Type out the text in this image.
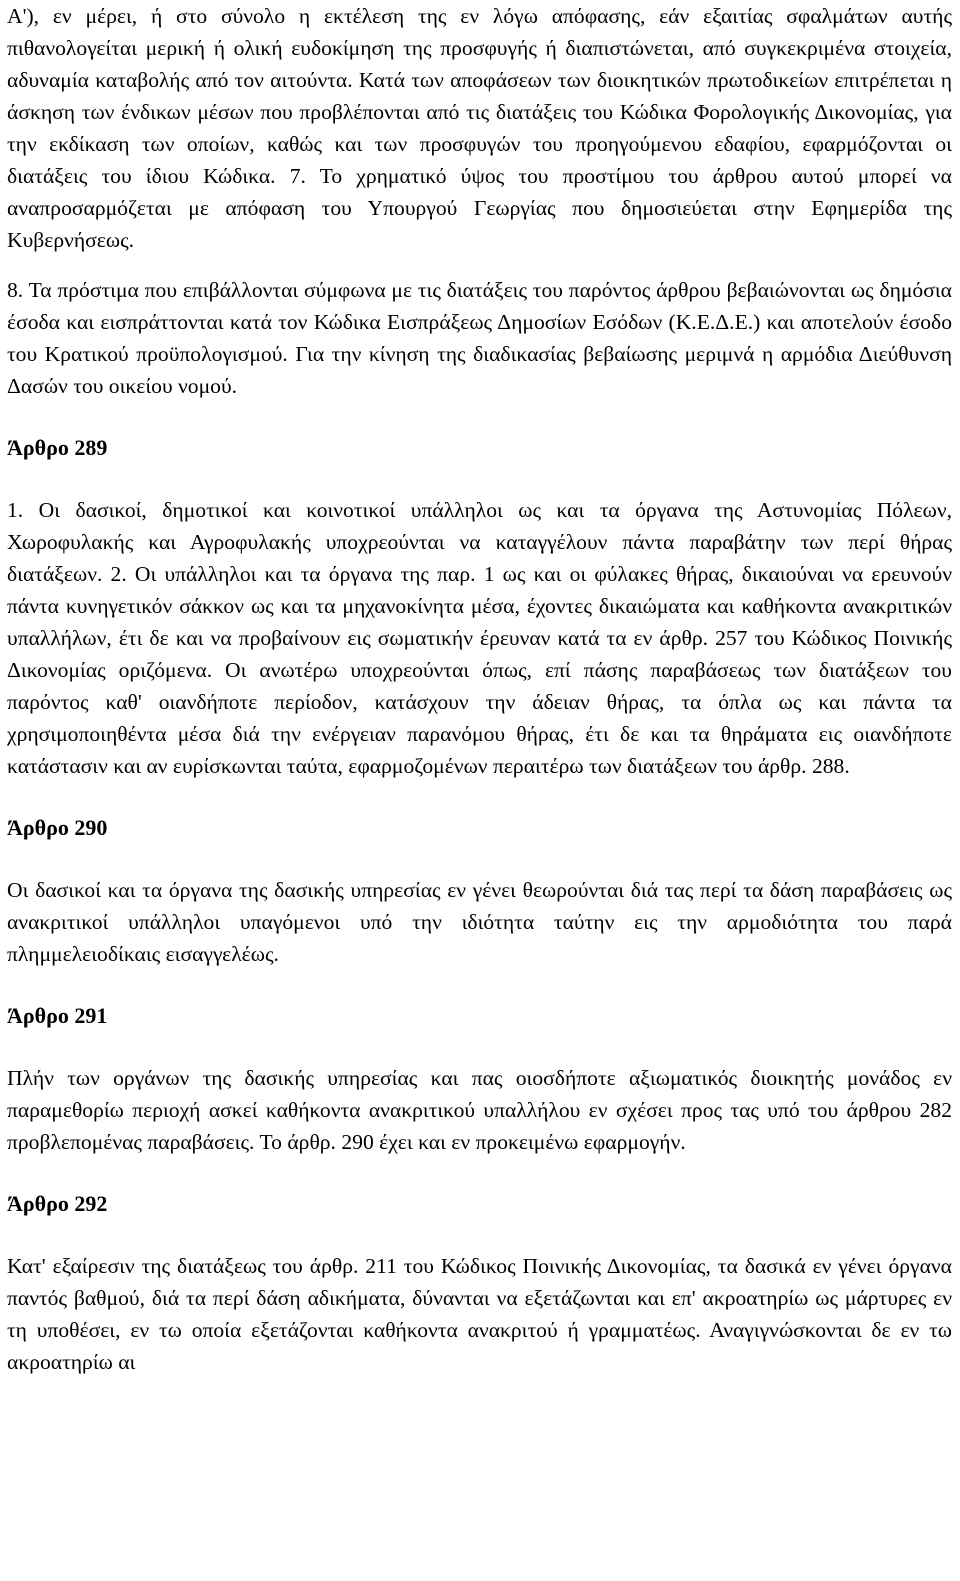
Α'), εν μέρει, ή στο σύνολο η εκτέλεση της εν λόγω απόφασης, εάν εξαιτίας σφαλμάτων αυτής πιθανολογείται μερική ή ολική ευδοκίμηση της προσφυγής ή διαπιστώνεται, από συγκεκριμένα στοιχεία, αδυναμία καταβολής από τον αιτούντα. Κατά των αποφάσεων των διοικητικών πρωτοδικείων επιτρέπεται η άσκηση των ένδικων μέσων που προβλέπονται από τις διατάξεις του Κώδικα Φορολογικής Δικονομίας, για την εκδίκαση των οποίων, καθώς και των προσφυγών του προηγούμενου εδαφίου, εφαρμόζονται οι διατάξεις του ίδιου Κώδικα. 7. Το χρηματικό ύψος του προστίμου του άρθρου αυτού μπορεί να αναπροσαρμόζεται με απόφαση του Υπουργού Γεωργίας που δημοσιεύεται στην Εφημερίδα της Κυβερνήσεως.

8. Τα πρόστιμα που επιβάλλονται σύμφωνα με τις διατάξεις του παρόντος άρθρου βεβαιώνονται ως δημόσια έσοδα και εισπράττονται κατά τον Κώδικα Εισπράξεως Δημοσίων Εσόδων (Κ.Ε.Δ.Ε.) και αποτελούν έσοδο του Κρατικού προϋπολογισμού. Για την κίνηση της διαδικασίας βεβαίωσης μεριμνά η αρμόδια Διεύθυνση Δασών του οικείου νομού.

Άρθρο 289

1. Οι δασικοί, δημοτικοί και κοινοτικοί υπάλληλοι ως και τα όργανα της Αστυνομίας Πόλεων, Χωροφυλακής και Αγροφυλακής υποχρεούνται να καταγγέλουν πάντα παραβάτην των περί θήρας διατάξεων. 2. Οι υπάλληλοι και τα όργανα της παρ. 1 ως και οι φύλακες θήρας, δικαιούναι να ερευνούν πάντα κυνηγετικόν σάκκον ως και τα μηχανοκίνητα μέσα, έχοντες δικαιώματα και καθήκοντα ανακριτικών υπαλλήλων, έτι δε και να προβαίνουν εις σωματικήν έρευναν κατά τα εν άρθρ. 257 του Κώδικος Ποινικής Δικονομίας οριζόμενα. Οι ανωτέρω υποχρεούνται όπως, επί πάσης παραβάσεως των διατάξεων του παρόντος καθ' οιανδήποτε περίοδον, κατάσχουν την άδειαν θήρας, τα όπλα ως και πάντα τα χρησιμοποιηθέντα μέσα διά την ενέργειαν παρανόμου θήρας, έτι δε και τα θηράματα εις οιανδήποτε κατάστασιν και αν ευρίσκωνται ταύτα, εφαρμοζομένων περαιτέρω των διατάξεων του άρθρ. 288.

Άρθρο 290

Οι δασικοί και τα όργανα της δασικής υπηρεσίας εν γένει θεωρούνται διά τας περί τα δάση παραβάσεις ως ανακριτικοί υπάλληλοι υπαγόμενοι υπό την ιδιότητα ταύτην εις την αρμοδιότητα του παρά πλημμελειοδίκαις εισαγγελέως.

Άρθρο 291

Πλήν των οργάνων της δασικής υπηρεσίας και πας οιοσδήποτε αξιωματικός διοικητής μονάδος εν παραμεθορίω περιοχή ασκεί καθήκοντα ανακριτικού υπαλλήλου εν σχέσει προς τας υπό του άρθρου 282 προβλεπομένας παραβάσεις. Το άρθρ. 290 έχει και εν προκειμένω εφαρμογήν.

Άρθρο 292

Κατ' εξαίρεσιν της διατάξεως του άρθρ. 211 του Κώδικος Ποινικής Δικονομίας, τα δασικά εν γένει όργανα παντός βαθμού, διά τα περί δάση αδικήματα, δύνανται να εξετάζωνται και επ' ακροατηρίω ως μάρτυρες εν τη υποθέσει, εν τω οποία εξετάζονται καθήκοντα ανακριτού ή γραμματέως. Αναγιγνώσκονται δε εν τω ακροατηρίω αι
